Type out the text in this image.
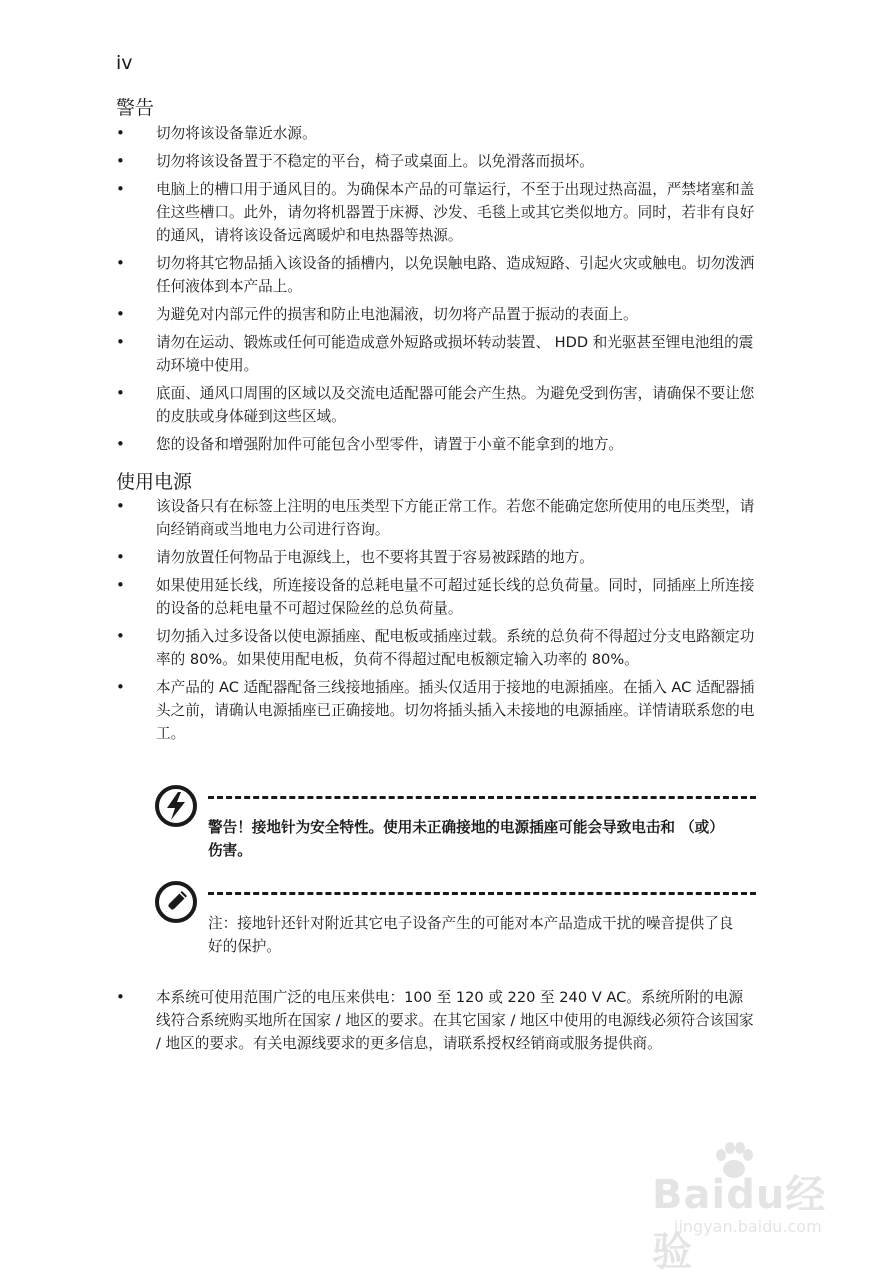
iv
警告
• 切勿将该设备靠近水源。
• 切勿将该设备置于不稳定的平台，椅子或桌面上。以免滑落而损坏。
• 电脑上的槽口用于通风目的。为确保本产品的可靠运行，不至于出现过热高温，严禁堵塞和盖住这些槽口。此外，请勿将机器置于床褥、沙发、毛毯上或其它类似地方。同时，若非有良好的通风，请将该设备远离暖炉和电热器等热源。
• 切勿将其它物品插入该设备的插槽内，以免误触电路、造成短路、引起火灾或触电。切勿泼洒任何液体到本产品上。
• 为避免对内部元件的损害和防止电池漏液，切勿将产品置于振动的表面上。
• 请勿在运动、锻炼或任何可能造成意外短路或损坏转动装置、 HDD 和光驱甚至锂电池组的震动环境中使用。
• 底面、通风口周围的区域以及交流电适配器可能会产生热。为避免受到伤害，请确保不要让您的皮肤或身体碰到这些区域。
• 您的设备和增强附加件可能包含小型零件，请置于小童不能拿到的地方。
使用电源
• 该设备只有在标签上注明的电压类型下方能正常工作。若您不能确定您所使用的电压类型，请向经销商或当地电力公司进行咨询。
• 请勿放置任何物品于电源线上，也不要将其置于容易被踩踏的地方。
• 如果使用延长线，所连接设备的总耗电量不可超过延长线的总负荷量。同时，同插座上所连接的设备的总耗电量不可超过保险丝的总负荷量。
• 切勿插入过多设备以使电源插座、配电板或插座过载。系统的总负荷不得超过分支电路额定功率的 80%。如果使用配电板，负荷不得超过配电板额定输入功率的 80%。
• 本产品的 AC 适配器配备三线接地插座。插头仅适用于接地的电源插座。在插入 AC 适配器插头之前，请确认电源插座已正确接地。切勿将插头插入未接地的电源插座。详情请联系您的电工。
警告！接地针为安全特性。使用未正确接地的电源插座可能会导致电击和 （或）伤害。
注：接地针还针对附近其它电子设备产生的可能对本产品造成干扰的噪音提供了良好的保护。
• 本系统可使用范围广泛的电压来供电：100 至 120 或 220 至 240 V AC。系统所附的电源线符合系统购买地所在国家 / 地区的要求。在其它国家 / 地区中使用的电源线必须符合该国家 / 地区的要求。有关电源线要求的更多信息，请联系授权经销商或服务提供商。
Baidu经验
jingyan.baidu.com
